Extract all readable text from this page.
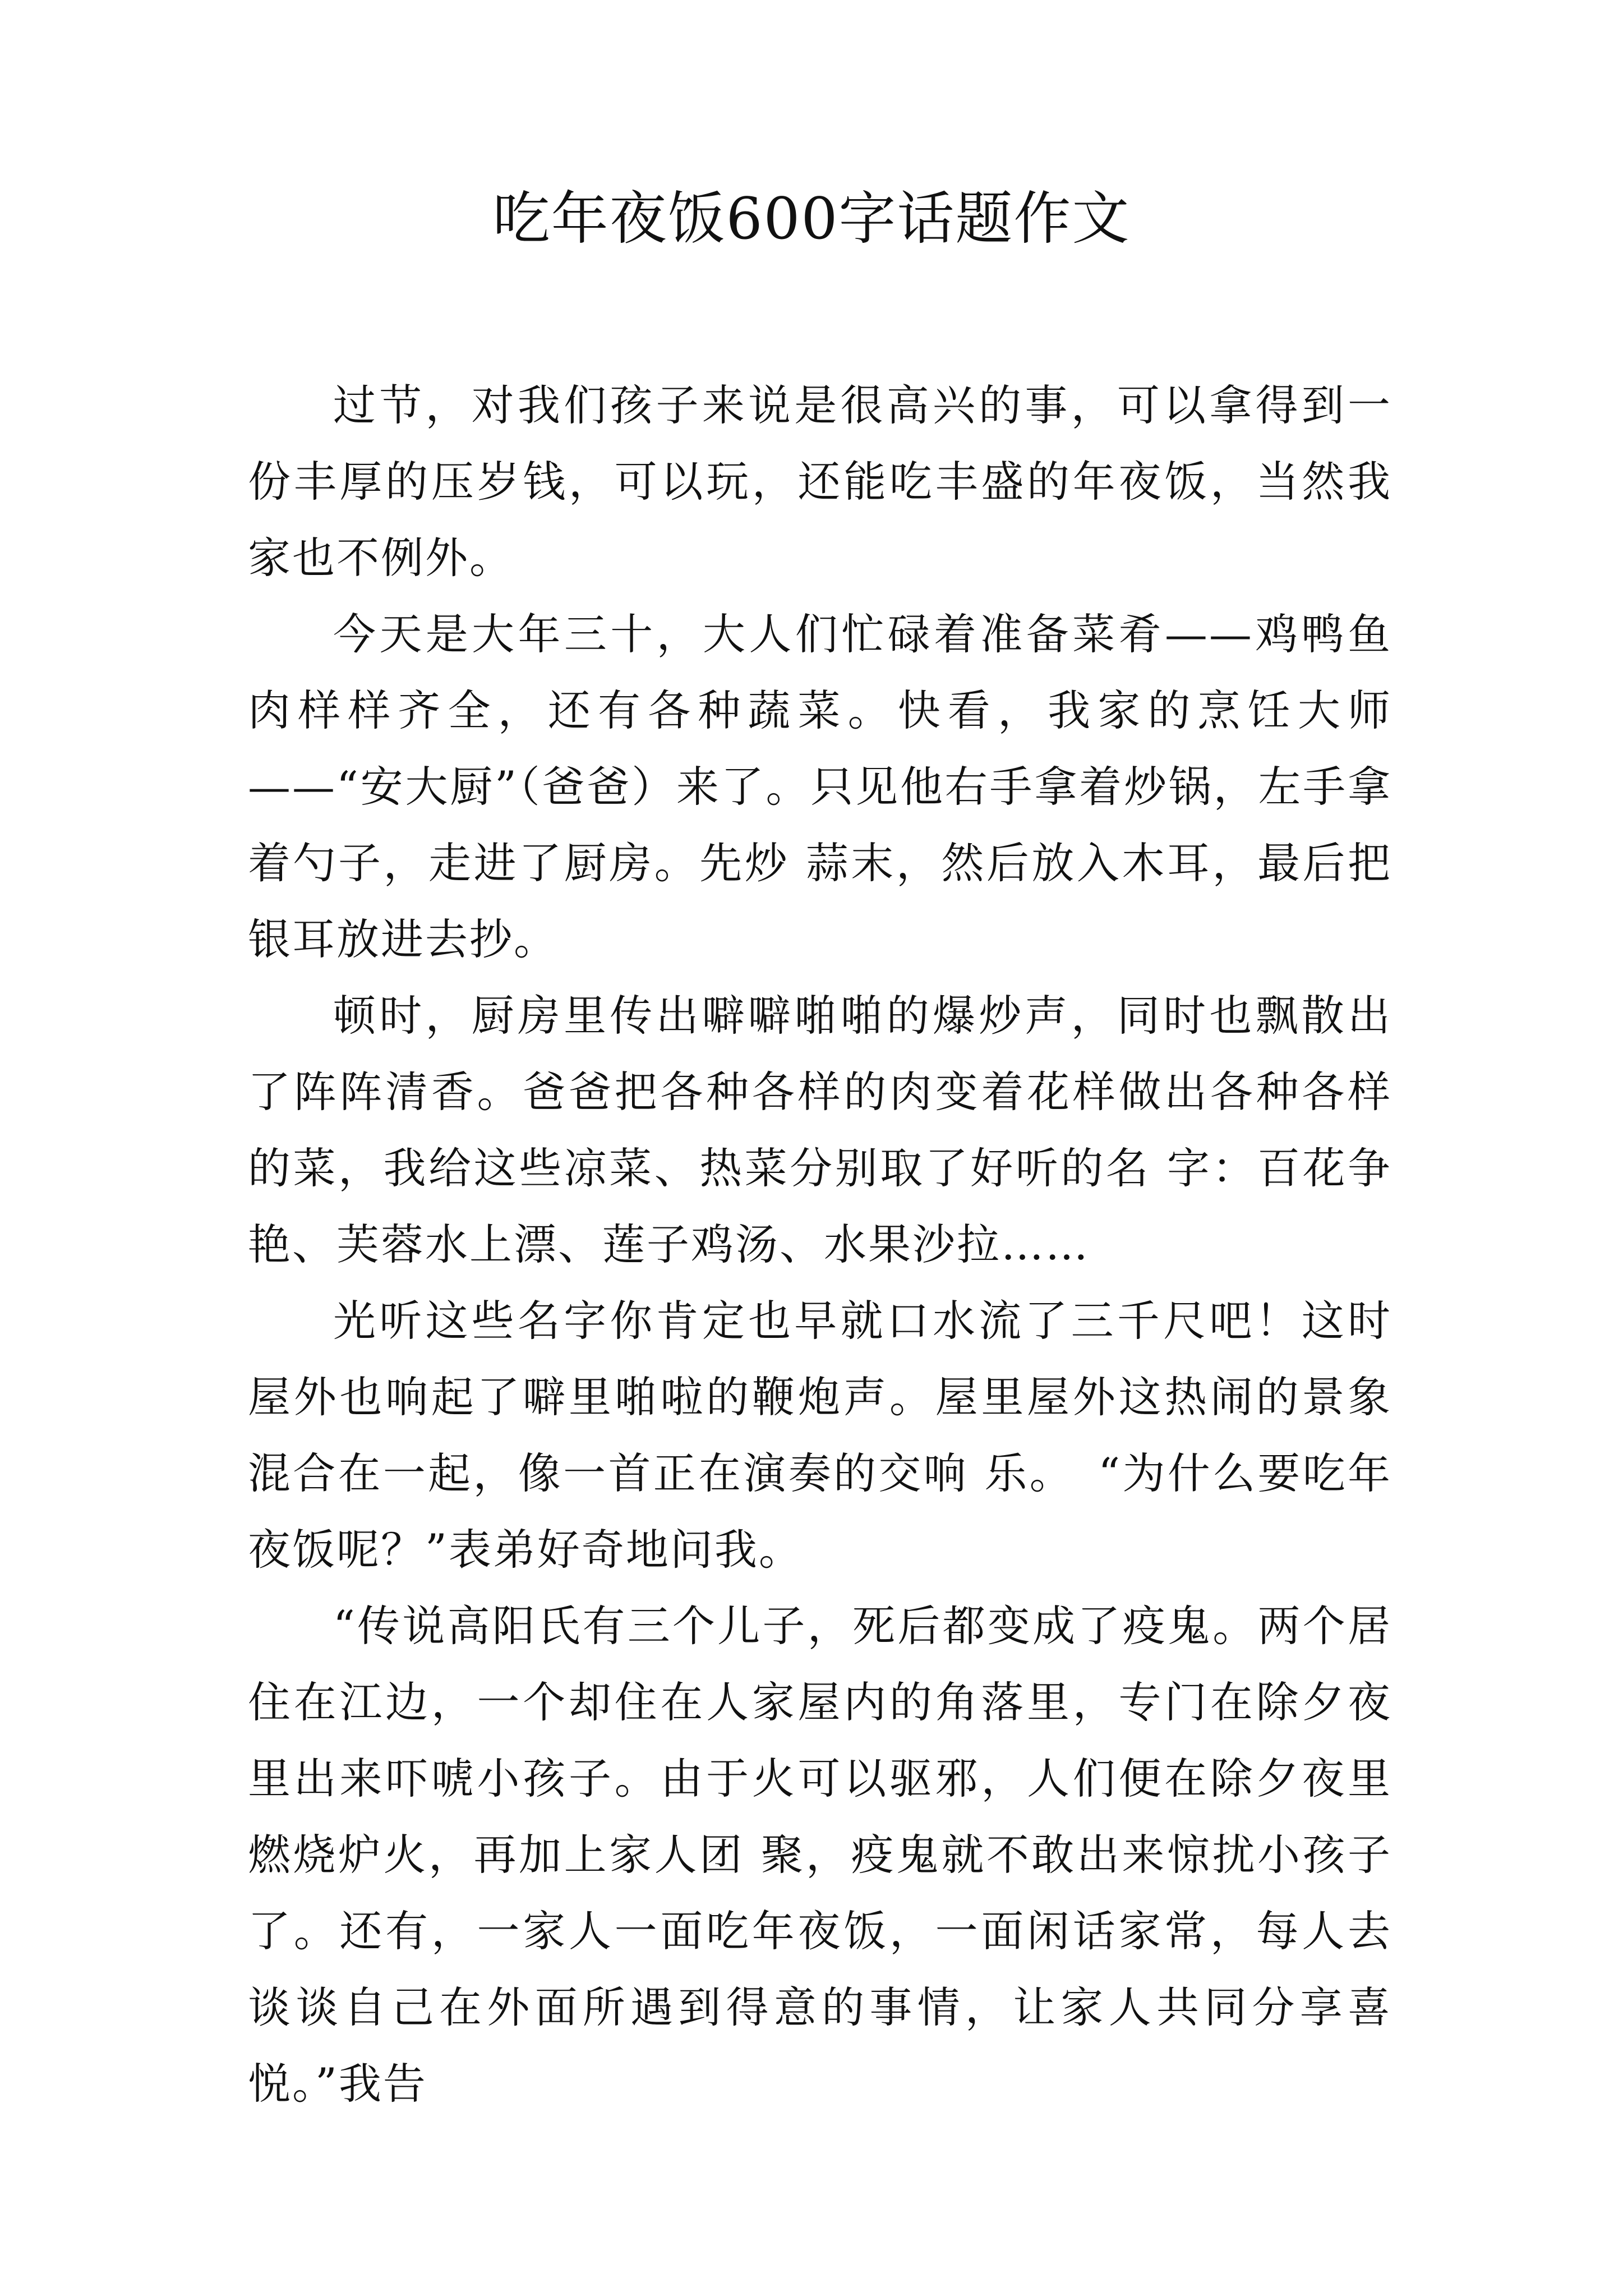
吃年夜饭600字话题作文

过节，对我们孩子来说是很高兴的事，可以拿得到一份丰厚的压岁钱，可以玩，还能吃丰盛的年夜饭，当然我家也不例外。

今天是大年三十，大人们忙碌着准备菜肴——鸡鸭鱼肉样样齐全，还有各种蔬菜。快看，我家的烹饪大师——“安大厨”（爸爸）来了。只见他右手拿着炒锅，左手拿着勺子，走进了厨房。先炒 蒜末，然后放入木耳，最后把银耳放进去抄。

顿时，厨房里传出噼噼啪啪的爆炒声，同时也飘散出了阵阵清香。爸爸把各种各样的肉变着花样做出各种各样的菜，我给这些凉菜、热菜分别取了好听的名 字：百花争艳、芙蓉水上漂、莲子鸡汤、水果沙拉……

光听这些名字你肯定也早就口水流了三千尺吧！这时屋外也响起了噼里啪啦的鞭炮声。屋里屋外这热闹的景象混合在一起，像一首正在演奏的交响 乐。　“为什么要吃年夜饭呢？”表弟好奇地问我。

“传说高阳氏有三个儿子，死后都变成了疫鬼。两个居住在江边，一个却住在人家屋内的角落里，专门在除夕夜里出来吓唬小孩子。由于火可以驱邪，人们便在除夕夜里燃烧炉火，再加上家人团 聚，疫鬼就不敢出来惊扰小孩子了。还有，一家人一面吃年夜饭，一面闲话家常，每人去谈谈自己在外面所遇到得意的事情，让家人共同分享喜悦。”我告
